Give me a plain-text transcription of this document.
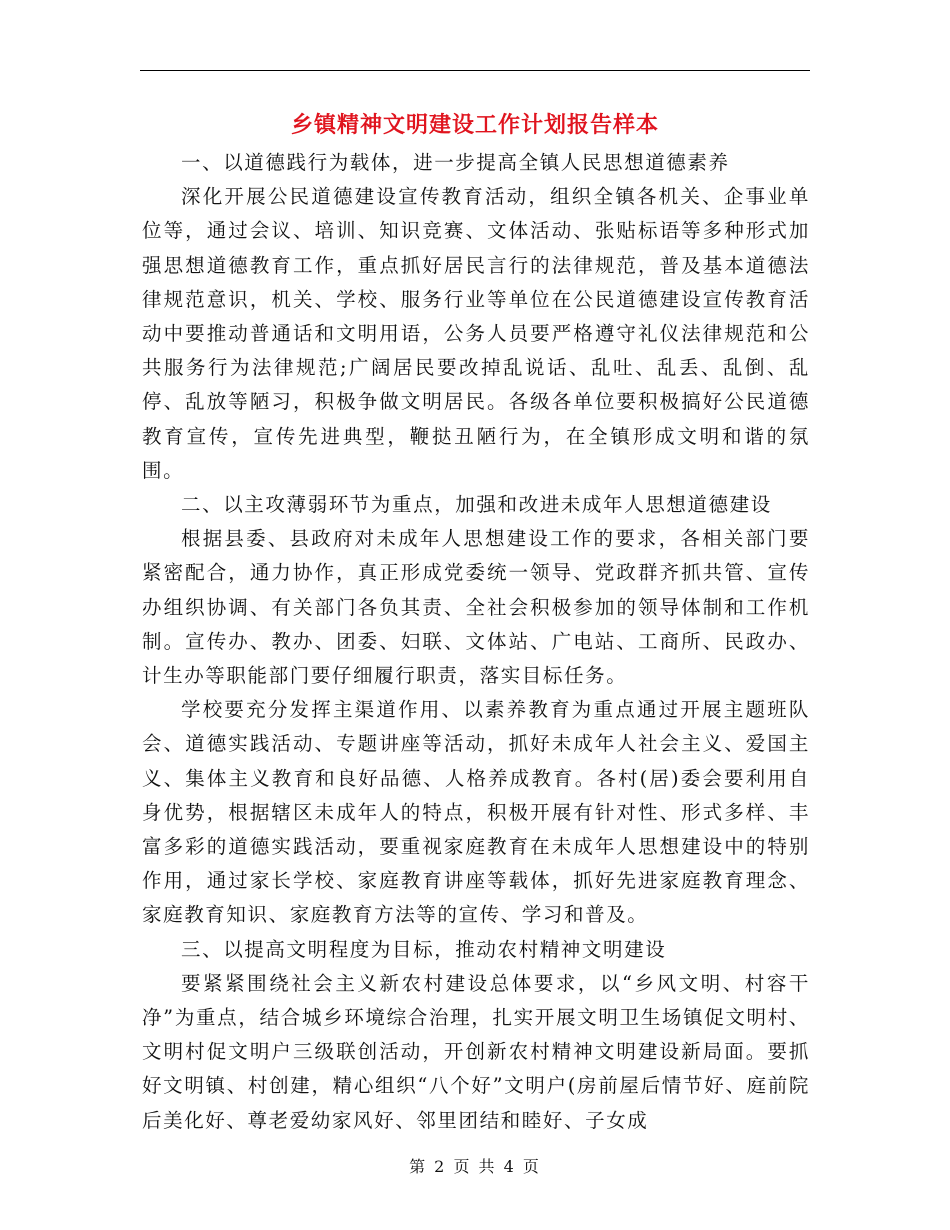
乡镇精神文明建设工作计划报告样本

一、以道德践行为载体，进一步提高全镇人民思想道德素养

深化开展公民道德建设宣传教育活动，组织全镇各机关、企事业单位等，通过会议、培训、知识竞赛、文体活动、张贴标语等多种形式加强思想道德教育工作，重点抓好居民言行的法律规范，普及基本道德法律规范意识，机关、学校、服务行业等单位在公民道德建设宣传教育活动中要推动普通话和文明用语，公务人员要严格遵守礼仪法律规范和公共服务行为法律规范;广阔居民要改掉乱说话、乱吐、乱丢、乱倒、乱停、乱放等陋习，积极争做文明居民。各级各单位要积极搞好公民道德教育宣传，宣传先进典型，鞭挞丑陋行为，在全镇形成文明和谐的氛围。

二、以主攻薄弱环节为重点，加强和改进未成年人思想道德建设

根据县委、县政府对未成年人思想建设工作的要求，各相关部门要紧密配合，通力协作，真正形成党委统一领导、党政群齐抓共管、宣传办组织协调、有关部门各负其责、全社会积极参加的领导体制和工作机制。宣传办、教办、团委、妇联、文体站、广电站、工商所、民政办、计生办等职能部门要仔细履行职责，落实目标任务。

学校要充分发挥主渠道作用、以素养教育为重点通过开展主题班队会、道德实践活动、专题讲座等活动，抓好未成年人社会主义、爱国主义、集体主义教育和良好品德、人格养成教育。各村(居)委会要利用自身优势，根据辖区未成年人的特点，积极开展有针对性、形式多样、丰富多彩的道德实践活动，要重视家庭教育在未成年人思想建设中的特别作用，通过家长学校、家庭教育讲座等载体，抓好先进家庭教育理念、家庭教育知识、家庭教育方法等的宣传、学习和普及。

三、以提高文明程度为目标，推动农村精神文明建设

要紧紧围绕社会主义新农村建设总体要求，以“乡风文明、村容干净”为重点，结合城乡环境综合治理，扎实开展文明卫生场镇促文明村、文明村促文明户三级联创活动，开创新农村精神文明建设新局面。要抓好文明镇、村创建，精心组织“八个好”文明户(房前屋后情节好、庭前院后美化好、尊老爱幼家风好、邻里团结和睦好、子女成

第 2 页 共 4 页
